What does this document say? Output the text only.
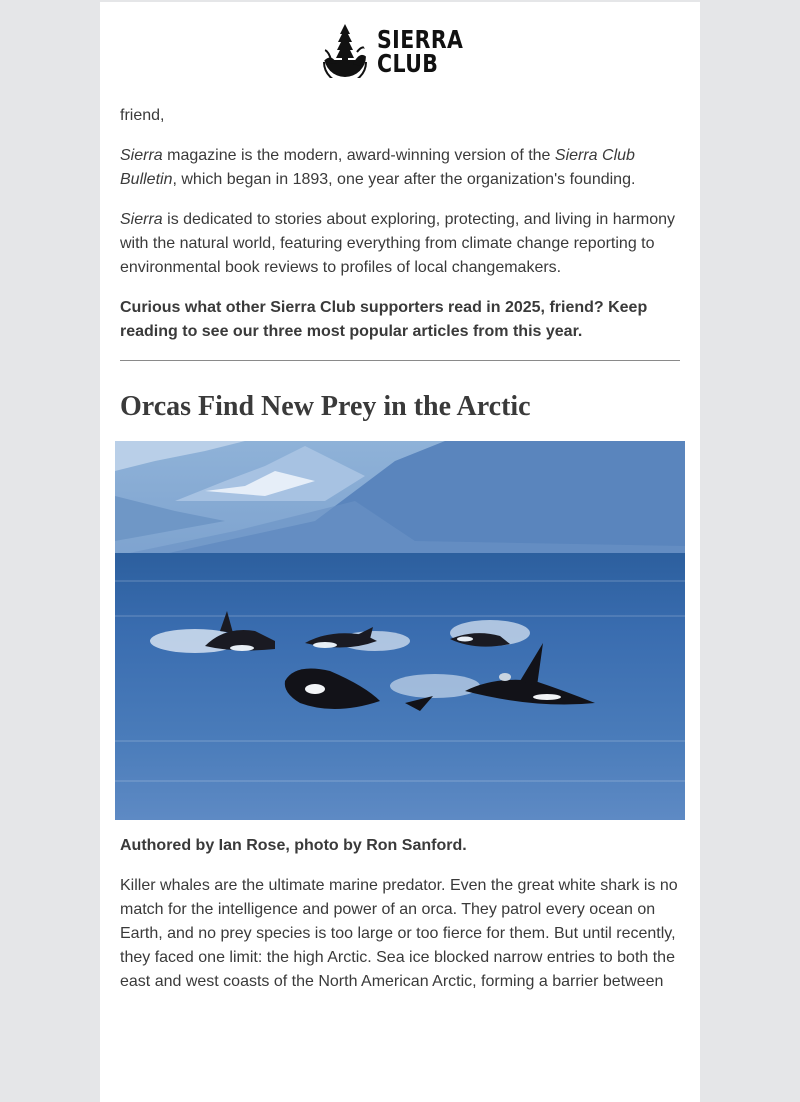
SIERRA
CLUB

friend,

Sierra magazine is the modern, award-winning version of the Sierra Club Bulletin, which began in 1893, one year after the organization's founding.

Sierra is dedicated to stories about exploring, protecting, and living in harmony with the natural world, featuring everything from climate change reporting to environmental book reviews to profiles of local changemakers.

Curious what other Sierra Club supporters read in 2025, friend? Keep reading to see our three most popular articles from this year.

Orcas Find New Prey in the Arctic

Authored by Ian Rose, photo by Ron Sanford.

Killer whales are the ultimate marine predator. Even the great white shark is no match for the intelligence and power of an orca. They patrol every ocean on Earth, and no prey species is too large or too fierce for them. But until recently, they faced one limit: the high Arctic. Sea ice blocked narrow entries to both the east and west coasts of the North American Arctic, forming a barrier between
